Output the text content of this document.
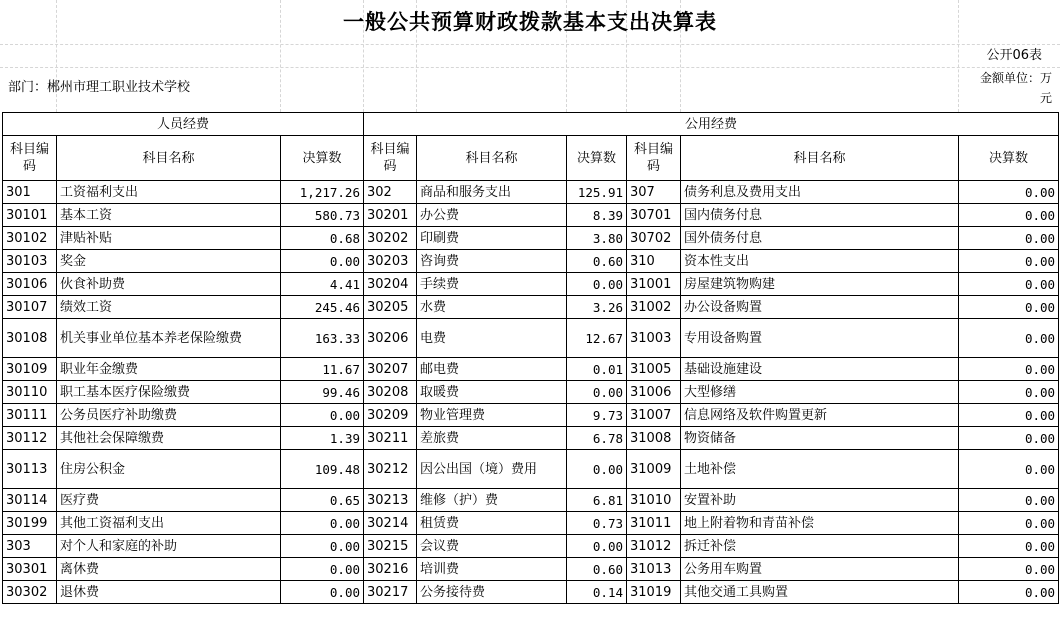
一般公共预算财政拨款基本支出决算表
公开06表
金额单位：万元
部门：郴州市理工职业技术学校
人员经费			公用经费					
科目编码	科目名称	决算数	科目编码	科目名称	决算数	科目编码	科目名称	决算数
301	工资福利支出	1,217.26	302	商品和服务支出	125.91	307	债务利息及费用支出	0.00
30101	基本工资	580.73	30201	办公费	8.39	30701	国内债务付息	0.00
30102	津贴补贴	0.68	30202	印刷费	3.80	30702	国外债务付息	0.00
30103	奖金	0.00	30203	咨询费	0.60	310	资本性支出	0.00
30106	伙食补助费	4.41	30204	手续费	0.00	31001	房屋建筑物购建	0.00
30107	绩效工资	245.46	30205	水费	3.26	31002	办公设备购置	0.00
30108	机关事业单位基本养老保险缴费	163.33	30206	电费	12.67	31003	专用设备购置	0.00
30109	职业年金缴费	11.67	30207	邮电费	0.01	31005	基础设施建设	0.00
30110	职工基本医疗保险缴费	99.46	30208	取暖费	0.00	31006	大型修缮	0.00
30111	公务员医疗补助缴费	0.00	30209	物业管理费	9.73	31007	信息网络及软件购置更新	0.00
30112	其他社会保障缴费	1.39	30211	差旅费	6.78	31008	物资储备	0.00
30113	住房公积金	109.48	30212	因公出国（境）费用	0.00	31009	土地补偿	0.00
30114	医疗费	0.65	30213	维修（护）费	6.81	31010	安置补助	0.00
30199	其他工资福利支出	0.00	30214	租赁费	0.73	31011	地上附着物和青苗补偿	0.00
303	对个人和家庭的补助	0.00	30215	会议费	0.00	31012	拆迁补偿	0.00
30301	离休费	0.00	30216	培训费	0.60	31013	公务用车购置	0.00
30302	退休费	0.00	30217	公务接待费	0.14	31019	其他交通工具购置	0.00
